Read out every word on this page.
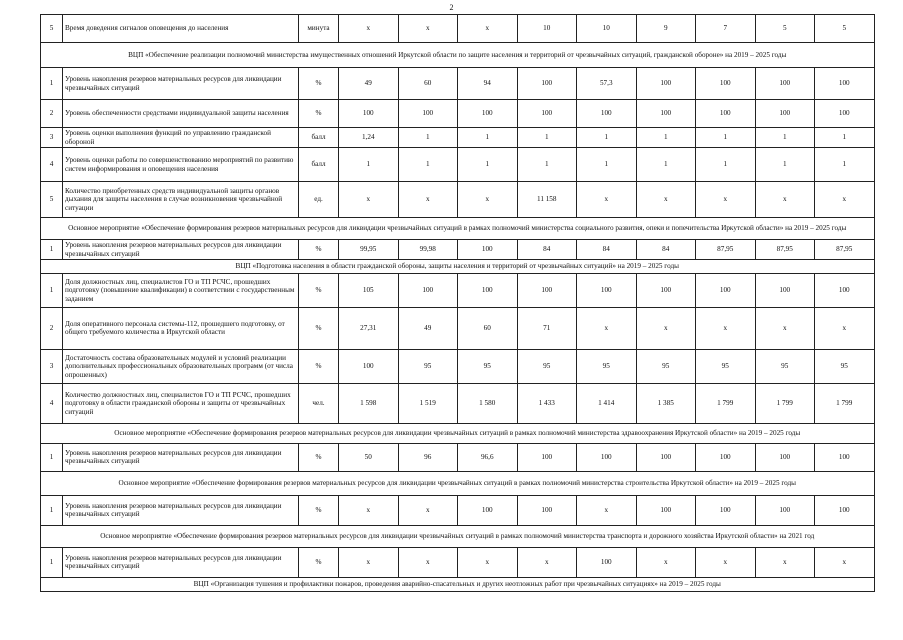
2
5	Время доведения сигналов оповещения до населения	минута	х	х	х	10	10	9	7	5	5
ВЦП «Обеспечение реализации полномочий министерства имущественных отношений Иркутской области по защите населения и территорий от чрезвычайных ситуаций, гражданской обороне» на 2019 – 2025 годы											
1	Уровень накопления резервов материальных ресурсов для ликвидации чрезвычайных ситуаций	%	49	60	94	100	57,3	100	100	100	100
2	Уровень обеспеченности средствами индивидуальной защиты населения	%	100	100	100	100	100	100	100	100	100
3	Уровень оценки выполнения функций по управлению гражданской обороной	балл	1,24	1	1	1	1	1	1	1	1
4	Уровень оценки работы по совершенствованию мероприятий по развитию систем информирования и оповещения населения	балл	1	1	1	1	1	1	1	1	1
5	Количество приобретенных средств индивидуальной защиты органов дыхания для защиты населения в случае возникновения чрезвычайной ситуации	ед.	х	х	х	11 158	х	х	х	х	х
Основное мероприятие «Обеспечение формирования резервов материальных ресурсов для ликвидации чрезвычайных ситуаций в рамках полномочий министерства социального развития, опеки и попечительства Иркутской области» на 2019 – 2025 годы											
1	Уровень накопления резервов материальных ресурсов для ликвидации чрезвычайных ситуаций	%	99,95	99,98	100	84	84	84	87,95	87,95	87,95
ВЦП «Подготовка населения в области гражданской обороны, защиты населения и территорий от чрезвычайных ситуаций» на 2019 – 2025 годы											
1	Доля должностных лиц, специалистов ГО и ТП РСЧС, прошедших подготовку (повышение квалификации) в соответствии с государственным заданием	%	105	100	100	100	100	100	100	100	100
2	Доля оперативного персонала системы-112, прошедшего подготовку, от общего требуемого количества в Иркутской области	%	27,31	49	60	71	х	х	х	х	х
3	Достаточность состава образовательных модулей и условий реализации дополнительных профессиональных образовательных программ (от числа опрошенных)	%	100	95	95	95	95	95	95	95	95
4	Количество должностных лиц, специалистов ГО и ТП РСЧС, прошедших подготовку в области гражданской обороны и защиты от чрезвычайных ситуаций	чел.	1 598	1 519	1 580	1 433	1 414	1 385	1 799	1 799	1 799
Основное мероприятие «Обеспечение формирования резервов материальных ресурсов для ликвидации чрезвычайных ситуаций в рамках полномочий министерства здравоохранения Иркутской области» на 2019 – 2025 годы											
1	Уровень накопления резервов материальных ресурсов для ликвидации чрезвычайных ситуаций	%	50	96	96,6	100	100	100	100	100	100
Основное мероприятие «Обеспечение формирования резервов материальных ресурсов для ликвидации чрезвычайных ситуаций в рамках полномочий министерства строительства Иркутской области» на 2019 – 2025 годы											
1	Уровень накопления резервов материальных ресурсов для ликвидации чрезвычайных ситуаций	%	х	х	100	100	х	100	100	100	100
Основное мероприятие «Обеспечение формирования резервов материальных ресурсов для ликвидации чрезвычайных ситуаций в рамках полномочий министерства транспорта и дорожного хозяйства Иркутской области» на 2021 год											
1	Уровень накопления резервов материальных ресурсов для ликвидации чрезвычайных ситуаций	%	х	х	х	х	100	х	х	х	х
ВЦП «Организация тушения и профилактики пожаров, проведения аварийно-спасательных и других неотложных работ при чрезвычайных ситуациях» на 2019 – 2025 годы											
